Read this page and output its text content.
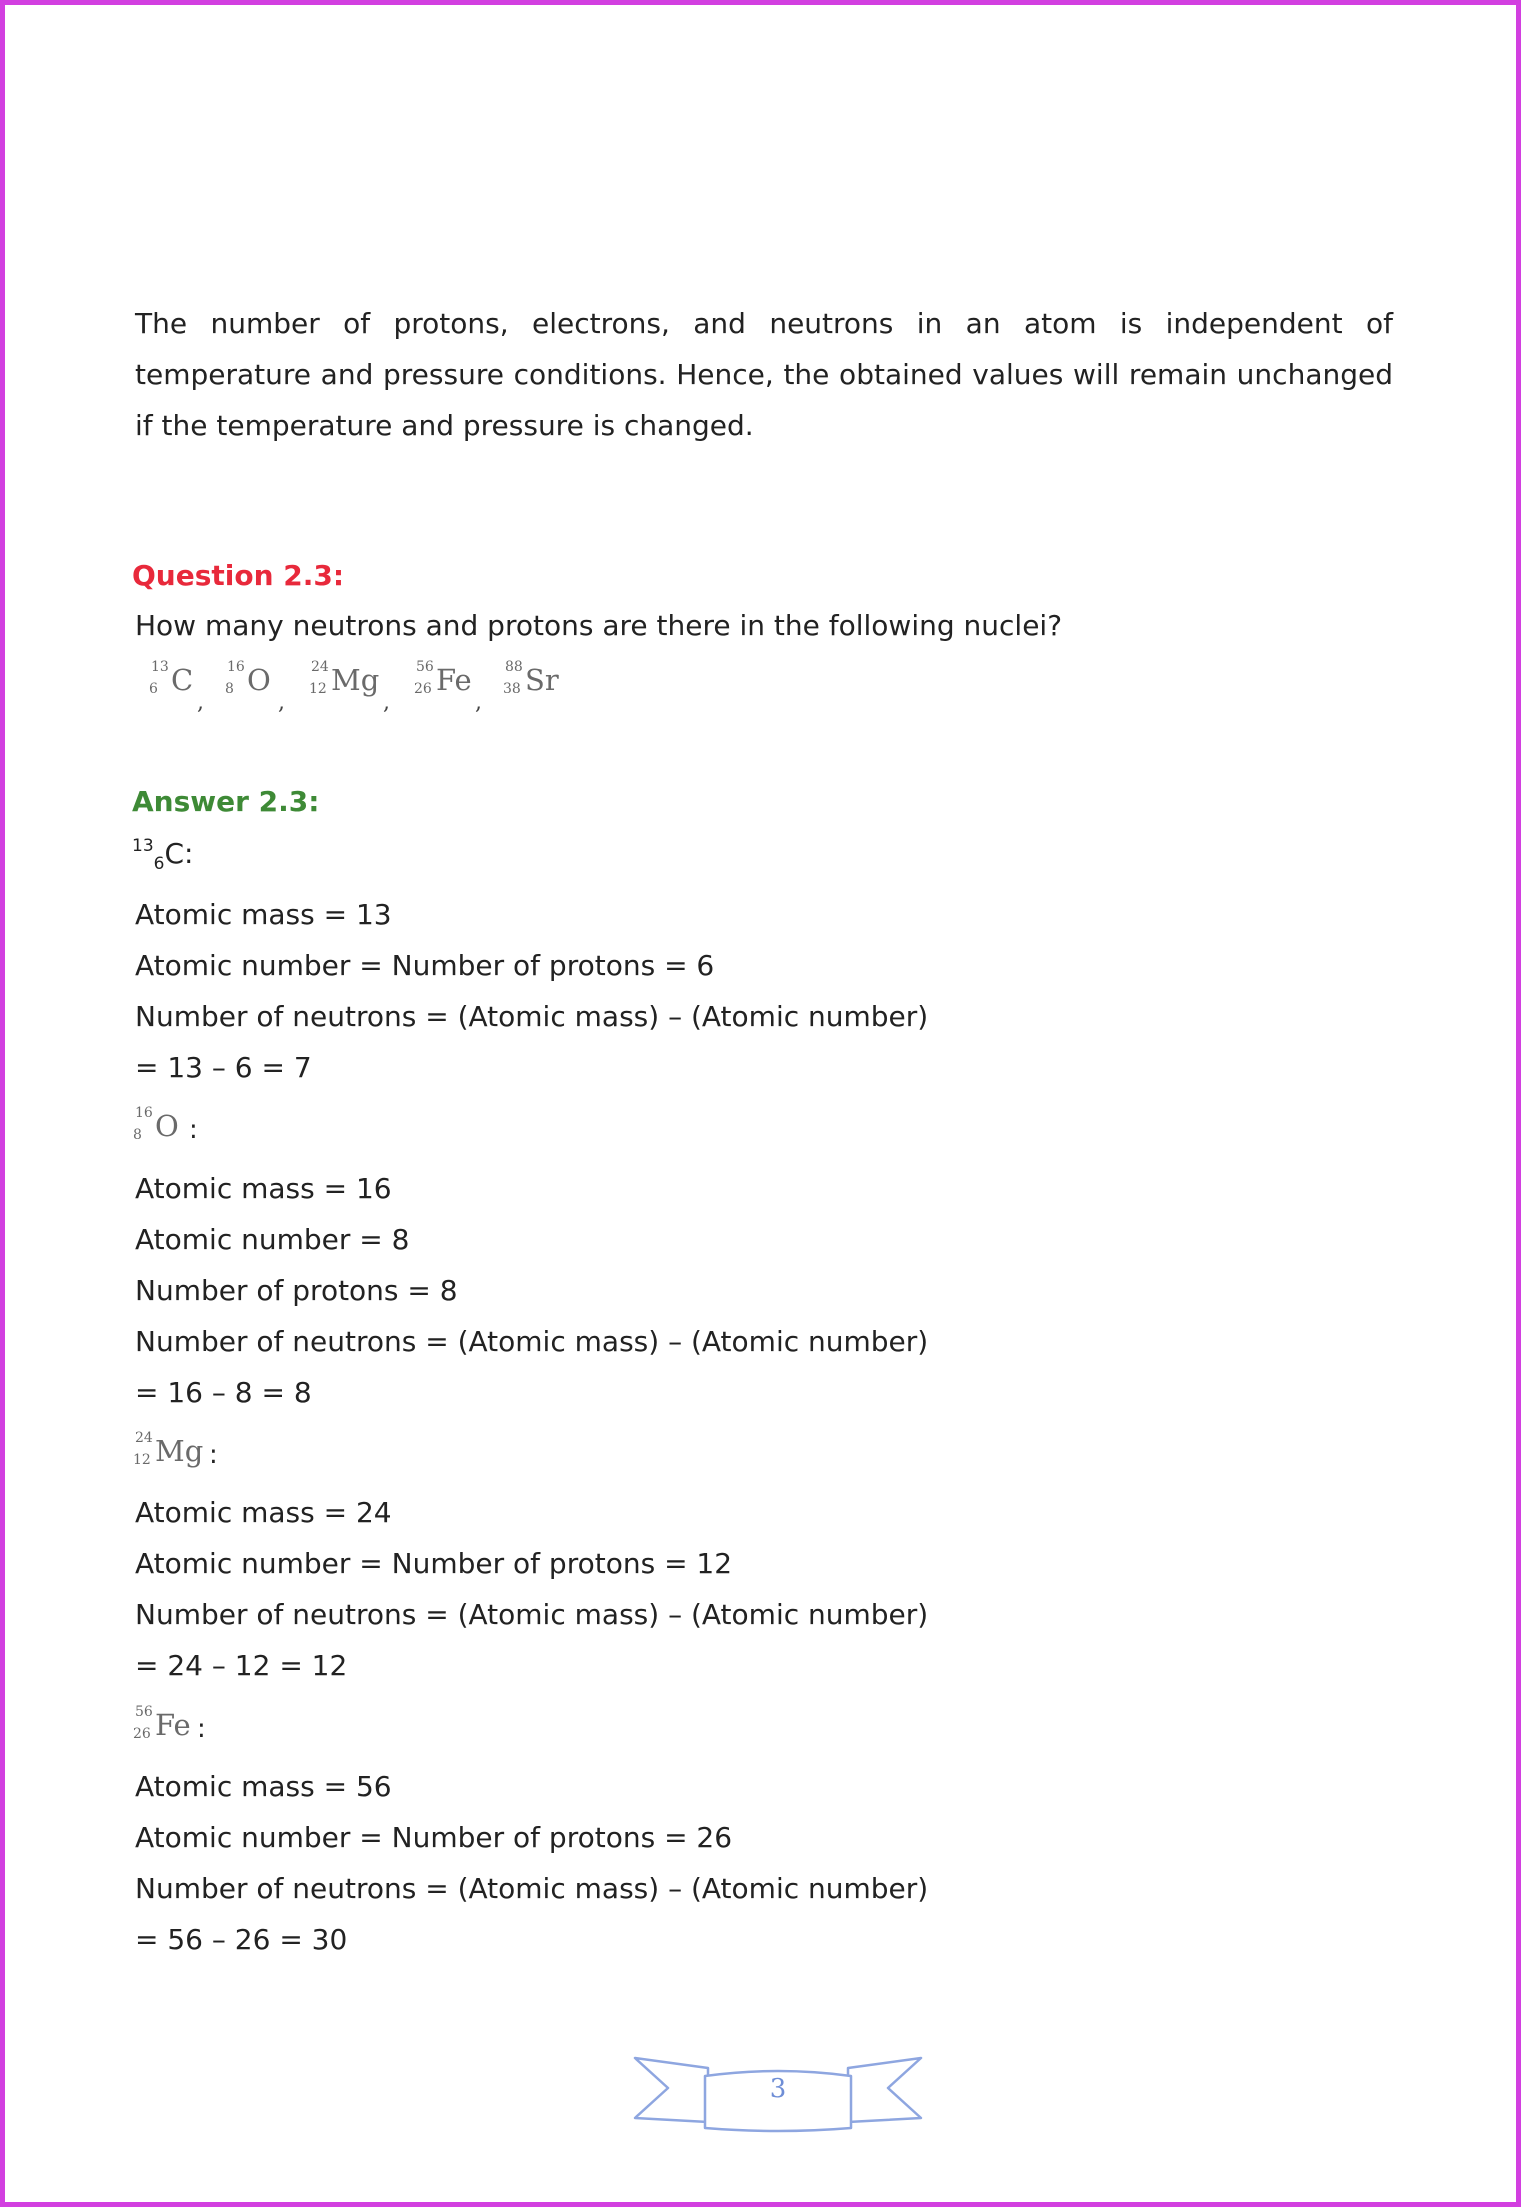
The number of protons, electrons, and neutrons in an atom is independent of temperature and pressure conditions. Hence, the obtained values will remain unchanged if the temperature and pressure is changed.
Question 2.3:
How many neutrons and protons are there in the following nuclei?
13
6 C
,
16
8 O
,
24
12 Mg
,
56
26 Fe
,
88
38 Sr
Answer 2.3:
$^{13}_6$C:
Atomic mass = 13
Atomic number = Number of protons = 6
Number of neutrons = (Atomic mass) – (Atomic number)
= 13 – 6 = 7
16
8 O :
Atomic mass = 16
Atomic number = 8
Number of protons = 8
Number of neutrons = (Atomic mass) – (Atomic number)
= 16 – 8 = 8
24
12 Mg :
Atomic mass = 24
Atomic number = Number of protons = 12
Number of neutrons = (Atomic mass) – (Atomic number)
= 24 – 12 = 12
56
26 Fe :
Atomic mass = 56
Atomic number = Number of protons = 26
Number of neutrons = (Atomic mass) – (Atomic number)
= 56 – 26 = 30
3
